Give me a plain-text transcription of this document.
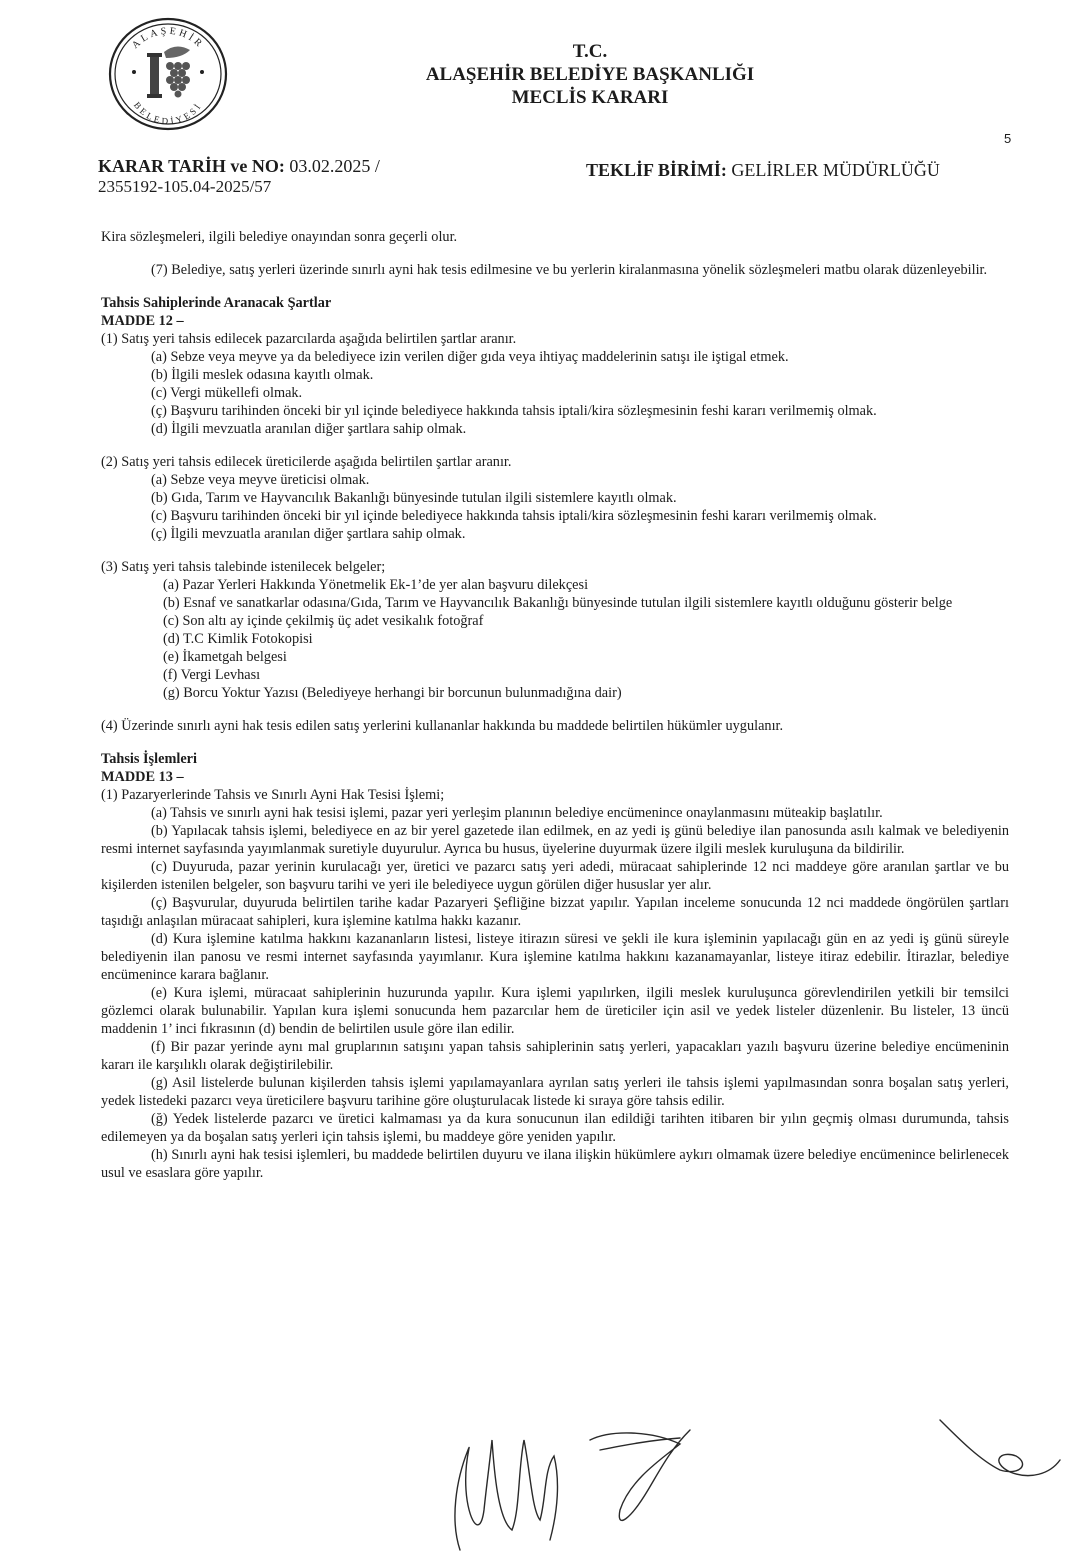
ALAŞEHİR
BELEDİYESİ
T.C.
ALAŞEHİR BELEDİYE BAŞKANLIĞI
MECLİS KARARI
5
KARAR TARİH ve NO: 03.02.2025 /
2355192-105.04-2025/57
TEKLİF BİRİMİ: GELİRLER MÜDÜRLÜĞÜ

Kira sözleşmeleri, ilgili belediye onayından sonra geçerli olur.

(7) Belediye, satış yerleri üzerinde sınırlı ayni hak tesis edilmesine ve bu yerlerin kiralanmasına yönelik sözleşmeleri matbu olarak düzenleyebilir.

Tahsis Sahiplerinde Aranacak Şartlar

MADDE 12 –

(1) Satış yeri tahsis edilecek pazarcılarda aşağıda belirtilen şartlar aranır.

(a) Sebze veya meyve ya da belediyece izin verilen diğer gıda veya ihtiyaç maddelerinin satışı ile iştigal etmek.

(b) İlgili meslek odasına kayıtlı olmak.

(c) Vergi mükellefi olmak.

(ç) Başvuru tarihinden önceki bir yıl içinde belediyece hakkında tahsis iptali/kira sözleşmesinin feshi kararı verilmemiş olmak.

(d) İlgili mevzuatla aranılan diğer şartlara sahip olmak.

(2) Satış yeri tahsis edilecek üreticilerde aşağıda belirtilen şartlar aranır.

(a) Sebze veya meyve üreticisi olmak.

(b) Gıda, Tarım ve Hayvancılık Bakanlığı bünyesinde tutulan ilgili sistemlere kayıtlı olmak.

(c) Başvuru tarihinden önceki bir yıl içinde belediyece hakkında tahsis iptali/kira sözleşmesinin feshi kararı verilmemiş olmak.

(ç) İlgili mevzuatla aranılan diğer şartlara sahip olmak.

(3) Satış yeri tahsis talebinde istenilecek belgeler;

(a) Pazar Yerleri Hakkında Yönetmelik Ek-1’de yer alan başvuru dilekçesi

(b) Esnaf ve sanatkarlar odasına/Gıda, Tarım ve Hayvancılık Bakanlığı bünyesinde tutulan ilgili sistemlere kayıtlı olduğunu gösterir belge

(c) Son altı ay içinde çekilmiş üç adet vesikalık fotoğraf

(d) T.C Kimlik Fotokopisi

(e) İkametgah belgesi

(f) Vergi Levhası

(g) Borcu Yoktur Yazısı (Belediyeye herhangi bir borcunun bulunmadığına dair)

(4) Üzerinde sınırlı ayni hak tesis edilen satış yerlerini kullananlar hakkında bu maddede belirtilen hükümler uygulanır.

Tahsis İşlemleri

MADDE 13 –

(1) Pazaryerlerinde Tahsis ve Sınırlı Ayni Hak Tesisi İşlemi;

(a) Tahsis ve sınırlı ayni hak tesisi işlemi, pazar yeri yerleşim planının belediye encümenince onaylanmasını müteakip başlatılır.

(b) Yapılacak tahsis işlemi, belediyece en az bir yerel gazetede ilan edilmek, en az yedi iş günü belediye ilan panosunda asılı kalmak ve belediyenin resmi internet sayfasında yayımlanmak suretiyle duyurulur. Ayrıca bu husus, üyelerine duyurmak üzere ilgili meslek kuruluşuna da bildirilir.

(c) Duyuruda, pazar yerinin kurulacağı yer, üretici ve pazarcı satış yeri adedi, müracaat sahiplerinde 12 nci maddeye göre aranılan şartlar ve bu kişilerden istenilen belgeler, son başvuru tarihi ve yeri ile belediyece uygun görülen diğer hususlar yer alır.

(ç) Başvurular, duyuruda belirtilen tarihe kadar Pazaryeri Şefliğine bizzat yapılır. Yapılan inceleme sonucunda 12 nci maddede öngörülen şartları taşıdığı anlaşılan müracaat sahipleri, kura işlemine katılma hakkı kazanır.

(d) Kura işlemine katılma hakkını kazananların listesi, listeye itirazın süresi ve şekli ile kura işleminin yapılacağı gün en az yedi iş günü süreyle belediyenin ilan panosu ve resmi internet sayfasında yayımlanır. Kura işlemine katılma hakkını kazanamayanlar, listeye itiraz edebilir. İtirazlar, belediye encümenince karara bağlanır.

(e) Kura işlemi, müracaat sahiplerinin huzurunda yapılır. Kura işlemi yapılırken, ilgili meslek kuruluşunca görevlendirilen yetkili bir temsilci gözlemci olarak bulunabilir. Yapılan kura işlemi sonucunda hem pazarcılar hem de üreticiler için asil ve yedek listeler düzenlenir. Bu listeler, 13 üncü maddenin 1’ inci fıkrasının (d) bendin de belirtilen usule göre ilan edilir.

(f) Bir pazar yerinde aynı mal gruplarının satışını yapan tahsis sahiplerinin satış yerleri, yapacakları yazılı başvuru üzerine belediye encümeninin kararı ile karşılıklı olarak değiştirilebilir.

(g) Asil listelerde bulunan kişilerden tahsis işlemi yapılamayanlara ayrılan satış yerleri ile tahsis işlemi yapılmasından sonra boşalan satış yerleri, yedek listedeki pazarcı veya üreticilere başvuru tarihine göre oluşturulacak listede ki sıraya göre tahsis edilir.

(ğ) Yedek listelerde pazarcı ve üretici kalmaması ya da kura sonucunun ilan edildiği tarihten itibaren bir yılın geçmiş olması durumunda, tahsis edilemeyen ya da boşalan satış yerleri için tahsis işlemi, bu maddeye göre yeniden yapılır.

(h) Sınırlı ayni hak tesisi işlemleri, bu maddede belirtilen duyuru ve ilana ilişkin hükümlere aykırı olmamak üzere belediye encümenince belirlenecek usul ve esaslara göre yapılır.
